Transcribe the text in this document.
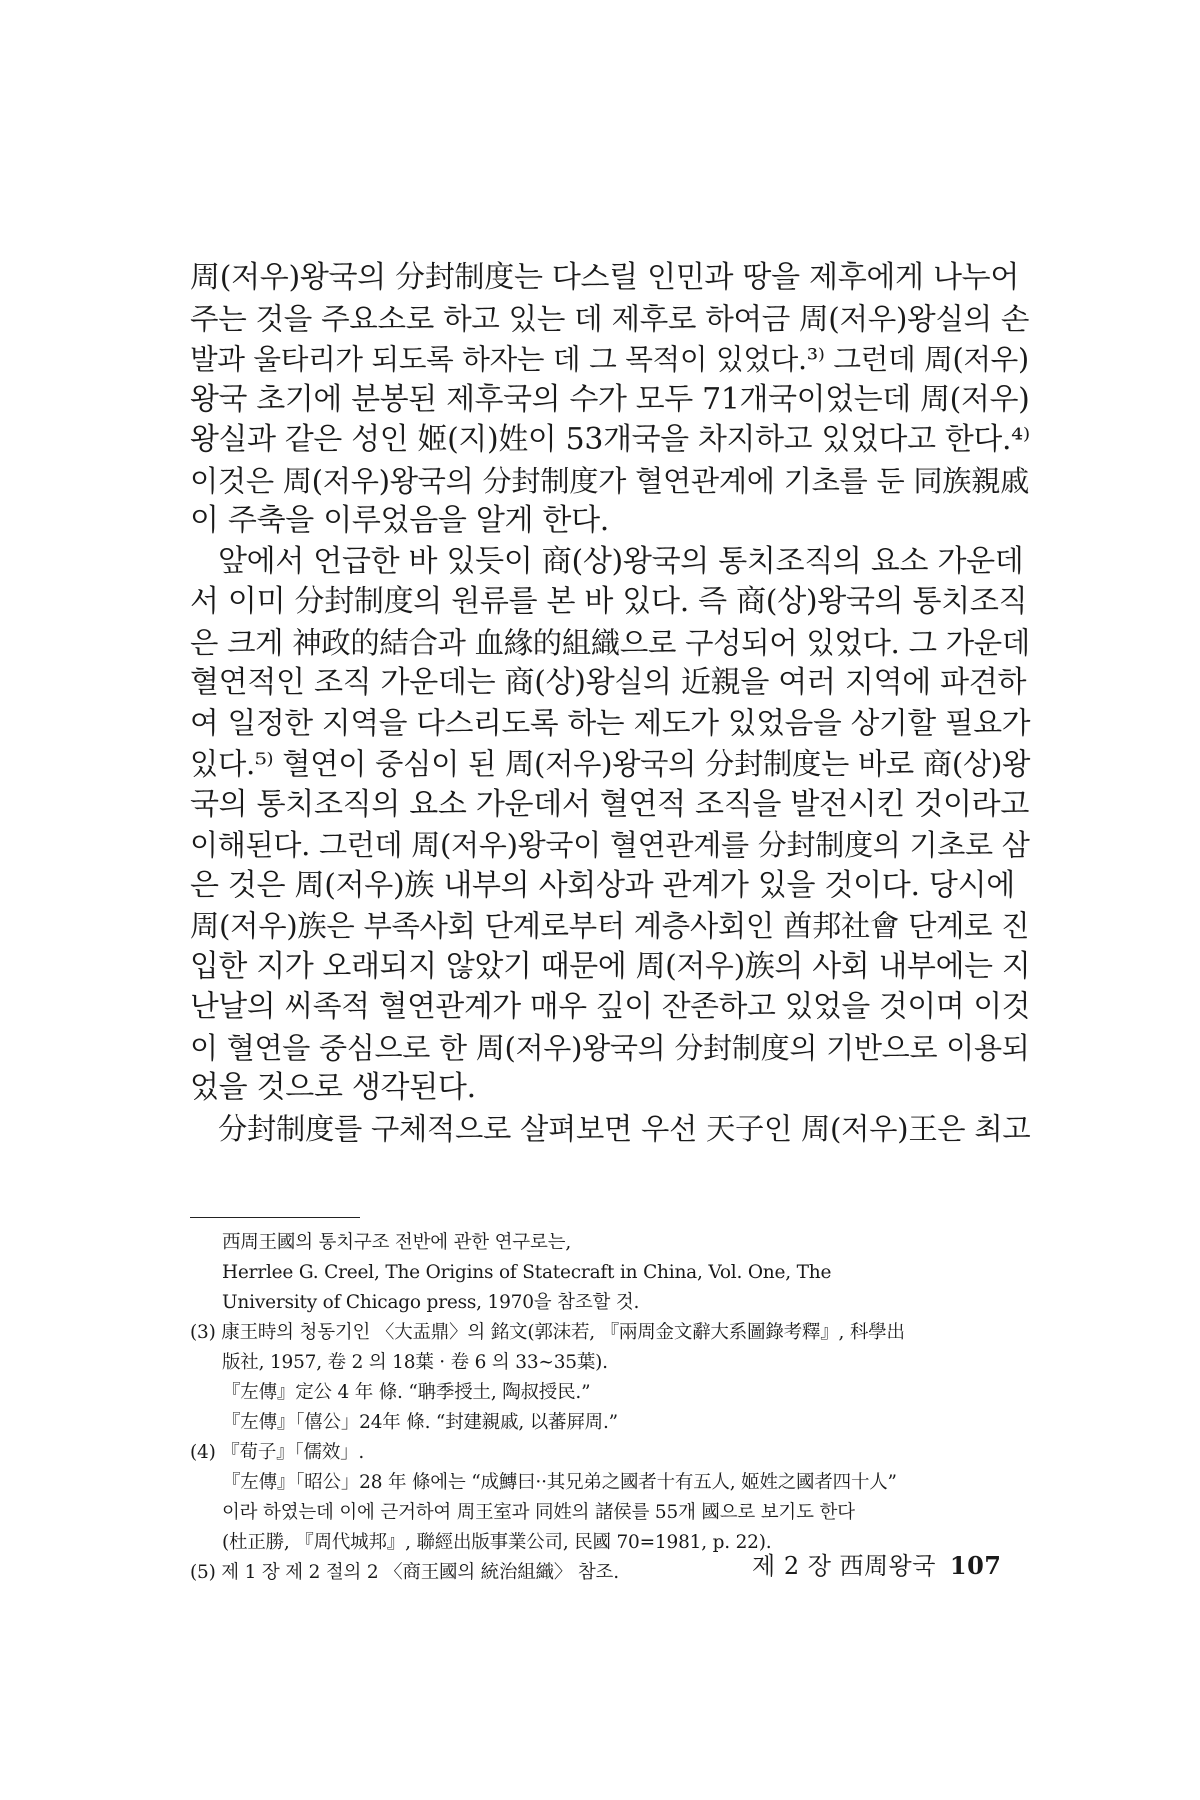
周(저우)왕국의 分封制度는 다스릴 인민과 땅을 제후에게 나누어
주는 것을 주요소로 하고 있는 데 제후로 하여금 周(저우)왕실의 손
발과 울타리가 되도록 하자는 데 그 목적이 있었다.³⁾ 그런데 周(저우)
왕국 초기에 분봉된 제후국의 수가 모두 71개국이었는데 周(저우)
왕실과 같은 성인 姬(지)姓이 53개국을 차지하고 있었다고 한다.⁴⁾
이것은 周(저우)왕국의 分封制度가 혈연관계에 기초를 둔 同族親戚
이 주축을 이루었음을 알게 한다.
앞에서 언급한 바 있듯이 商(상)왕국의 통치조직의 요소 가운데
서 이미 分封制度의 원류를 본 바 있다. 즉 商(상)왕국의 통치조직
은 크게 神政的結合과 血緣的組織으로 구성되어 있었다. 그 가운데
혈연적인 조직 가운데는 商(상)왕실의 近親을 여러 지역에 파견하
여 일정한 지역을 다스리도록 하는 제도가 있었음을 상기할 필요가
있다.⁵⁾ 혈연이 중심이 된 周(저우)왕국의 分封制度는 바로 商(상)왕
국의 통치조직의 요소 가운데서 혈연적 조직을 발전시킨 것이라고
이해된다. 그런데 周(저우)왕국이 혈연관계를 分封制度의 기초로 삼
은 것은 周(저우)族 내부의 사회상과 관계가 있을 것이다. 당시에
周(저우)族은 부족사회 단계로부터 계층사회인 酋邦社會 단계로 진
입한 지가 오래되지 않았기 때문에 周(저우)族의 사회 내부에는 지
난날의 씨족적 혈연관계가 매우 깊이 잔존하고 있었을 것이며 이것
이 혈연을 중심으로 한 周(저우)왕국의 分封制度의 기반으로 이용되
었을 것으로 생각된다.
分封制度를 구체적으로 살펴보면 우선 天子인 周(저우)王은 최고
西周王國의 통치구조 전반에 관한 연구로는,
Herrlee G. Creel, The Origins of Statecraft in China, Vol. One, The
University of Chicago press, 1970을 참조할 것.
(3) 康王時의 청동기인 〈大盂鼎〉의 銘文(郭沫若, 『兩周金文辭大系圖錄考釋』, 科學出
版社, 1957, 卷 2 의 18葉 · 卷 6 의 33∼35葉).
『左傳』定公 4 年 條. “聃季授土, 陶叔授民.”
『左傳』「僖公」24年 條. “封建親戚, 以蕃屛周.”
(4) 『荀子』「儒效」.
『左傳』「昭公」28 年 條에는 “成鱄曰··其兄弟之國者十有五人, 姬姓之國者四十人”
이라 하였는데 이에 근거하여 周王室과 同姓의 諸侯를 55개 國으로 보기도 한다
(杜正勝, 『周代城邦』, 聯經出版事業公司, 民國 70=1981, p. 22).
(5) 제 1 장 제 2 절의 2 〈商王國의 統治組織〉 참조.	제 2 장 西周왕국 107
